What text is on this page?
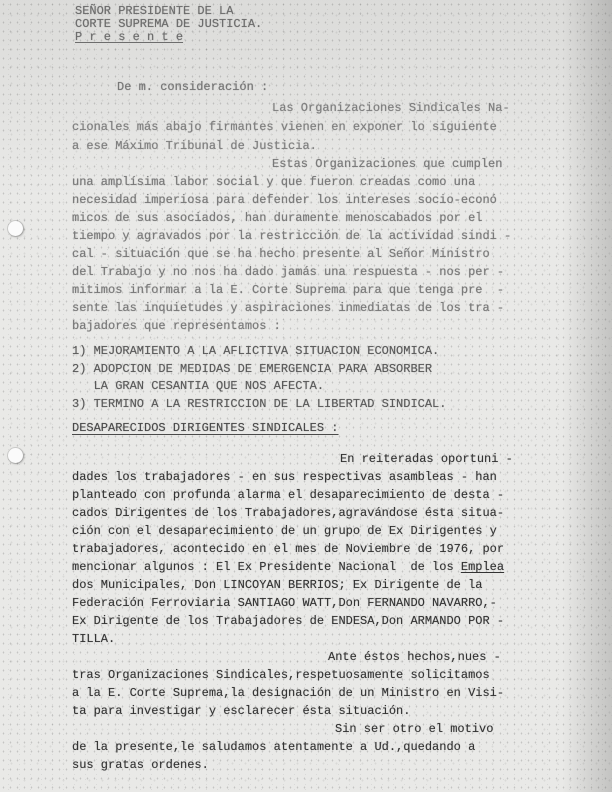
SEÑOR PRESIDENTE DE LA
CORTE SUPREMA DE JUSTICIA.
P r e s e n t e
De m. consideración :
Las Organizaciones Sindicales Na-
cionales más abajo firmantes vienen en exponer lo siguiente
a ese Máximo Tribunal de Justicia.
Estas Organizaciones que cumplen
una amplísima labor social y que fueron creadas como una
necesidad imperiosa para defender los intereses socio-econó
micos de sus asociados, han duramente menoscabados por el
tiempo y agravados por la restricción de la actividad sindi -
cal - situación que se ha hecho presente al Señor Ministro
del Trabajo y no nos ha dado jamás una respuesta - nos per -
mitimos informar a la E. Corte Suprema para que tenga pre  -
sente las inquietudes y aspiraciones inmediatas de los tra -
bajadores que representamos :
1) MEJORAMIENTO A LA AFLICTIVA SITUACION ECONOMICA.
2) ADOPCION DE MEDIDAS DE EMERGENCIA PARA ABSORBER
LA GRAN CESANTIA QUE NOS AFECTA.
3) TERMINO A LA RESTRICCION DE LA LIBERTAD SINDICAL.
DESAPARECIDOS DIRIGENTES SINDICALES :
En reiteradas oportuni -
dades los trabajadores - en sus respectivas asambleas - han
planteado con profunda alarma el desaparecimiento de desta -
cados Dirigentes de los Trabajadores,agravándose ésta situa-
ción con el desaparecimiento de un grupo de Ex Dirigentes y
trabajadores, acontecido en el mes de Noviembre de 1976, por
mencionar algunos : El Ex Presidente Nacional  de los Emplea
dos Municipales, Don LINCOYAN BERRIOS; Ex Dirigente de la
Federación Ferroviaria SANTIAGO WATT,Don FERNANDO NAVARRO,-
Ex Dirigente de los Trabajadores de ENDESA,Don ARMANDO POR -
TILLA.
Ante éstos hechos,nues -
tras Organizaciones Sindicales,respetuosamente solicitamos
a la E. Corte Suprema,la designación de un Ministro en Visi-
ta para investigar y esclarecer ésta situación.
Sin ser otro el motivo
de la presente,le saludamos atentamente a Ud.,quedando a
sus gratas ordenes.
